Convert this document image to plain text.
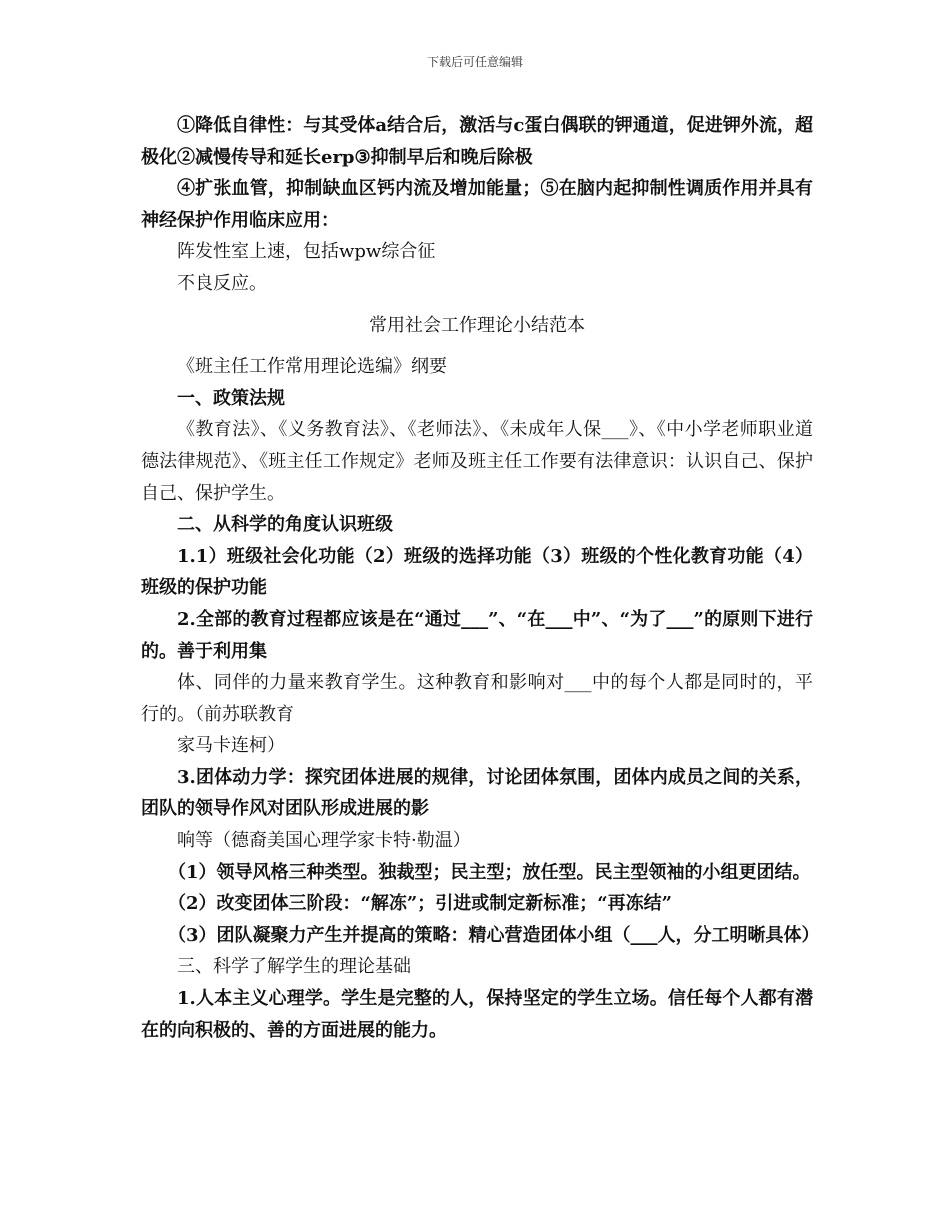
下载后可任意编辑

①降低自律性：与其受体a结合后，激活与c蛋白偶联的钾通道，促进钾外流，超极化②减慢传导和延长erp③抑制早后和晚后除极

④扩张血管，抑制缺血区钙内流及增加能量；⑤在脑内起抑制性调质作用并具有神经保护作用临床应用：

阵发性室上速，包括wpw综合征

不良反应。

常用社会工作理论小结范本

《班主任工作常用理论选编》纲要

一、政策法规

《教育法》、《义务教育法》、《老师法》、《未成年人保___》、《中小学老师职业道德法律规范》、《班主任工作规定》老师及班主任工作要有法律意识：认识自己、保护自己、保护学生。

二、从科学的角度认识班级

1.1）班级社会化功能（2）班级的选择功能（3）班级的个性化教育功能（4）班级的保护功能

2.全部的教育过程都应该是在“通过___”、“在___中”、“为了___”的原则下进行的。善于利用集

体、同伴的力量来教育学生。这种教育和影响对___中的每个人都是同时的，平行的。（前苏联教育

家马卡连柯）

3.团体动力学：探究团体进展的规律，讨论团体氛围，团体内成员之间的关系，团队的领导作风对团队形成进展的影

响等（德裔美国心理学家卡特·勒温）

（1）领导风格三种类型。独裁型；民主型；放任型。民主型领袖的小组更团结。

（2）改变团体三阶段：“解冻”；引进或制定新标准；“再冻结”

（3）团队凝聚力产生并提高的策略：精心营造团体小组（___人，分工明晰具体）

三、科学了解学生的理论基础

1.人本主义心理学。学生是完整的人，保持坚定的学生立场。信任每个人都有潜在的向积极的、善的方面进展的能力。
